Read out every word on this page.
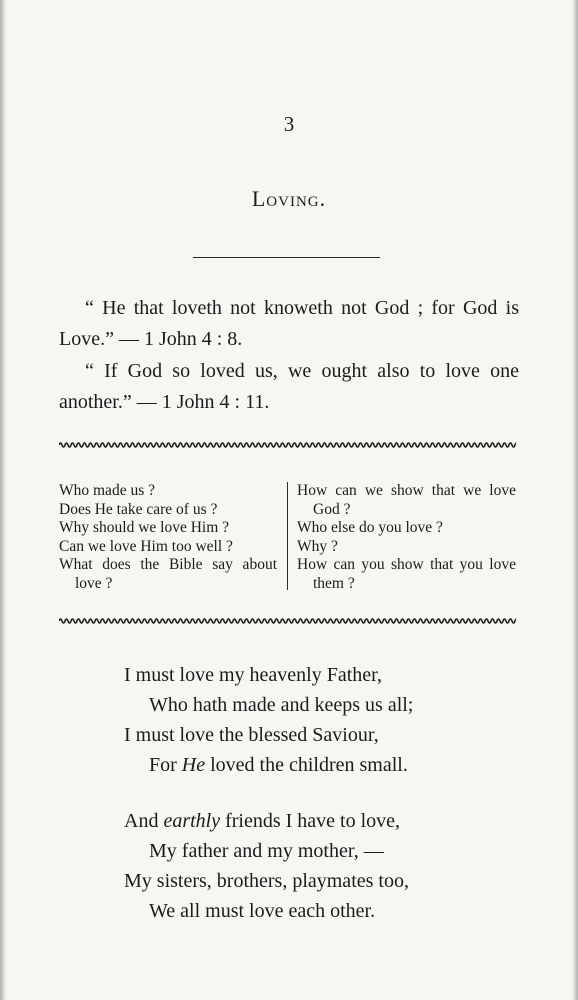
3
Loving.

“ He that loveth not knoweth not God ; for God is Love.” — 1 John 4 : 8.

“ If God so loved us, we ought also to love one another.” — 1 John 4 : 11.

Who made us ?

Does He take care of us ?

Why should we love Him ?

Can we love Him too well ?

What does the Bible say about love ?

How can we show that we love God ?

Who else do you love ?

Why ?

How can you show that you love them ?

I must love my heavenly Father,
Who hath made and keeps us all;
I must love the blessed Saviour,
For He loved the children small.
And earthly friends I have to love,
My father and my mother, —
My sisters, brothers, playmates too,
We all must love each other.
